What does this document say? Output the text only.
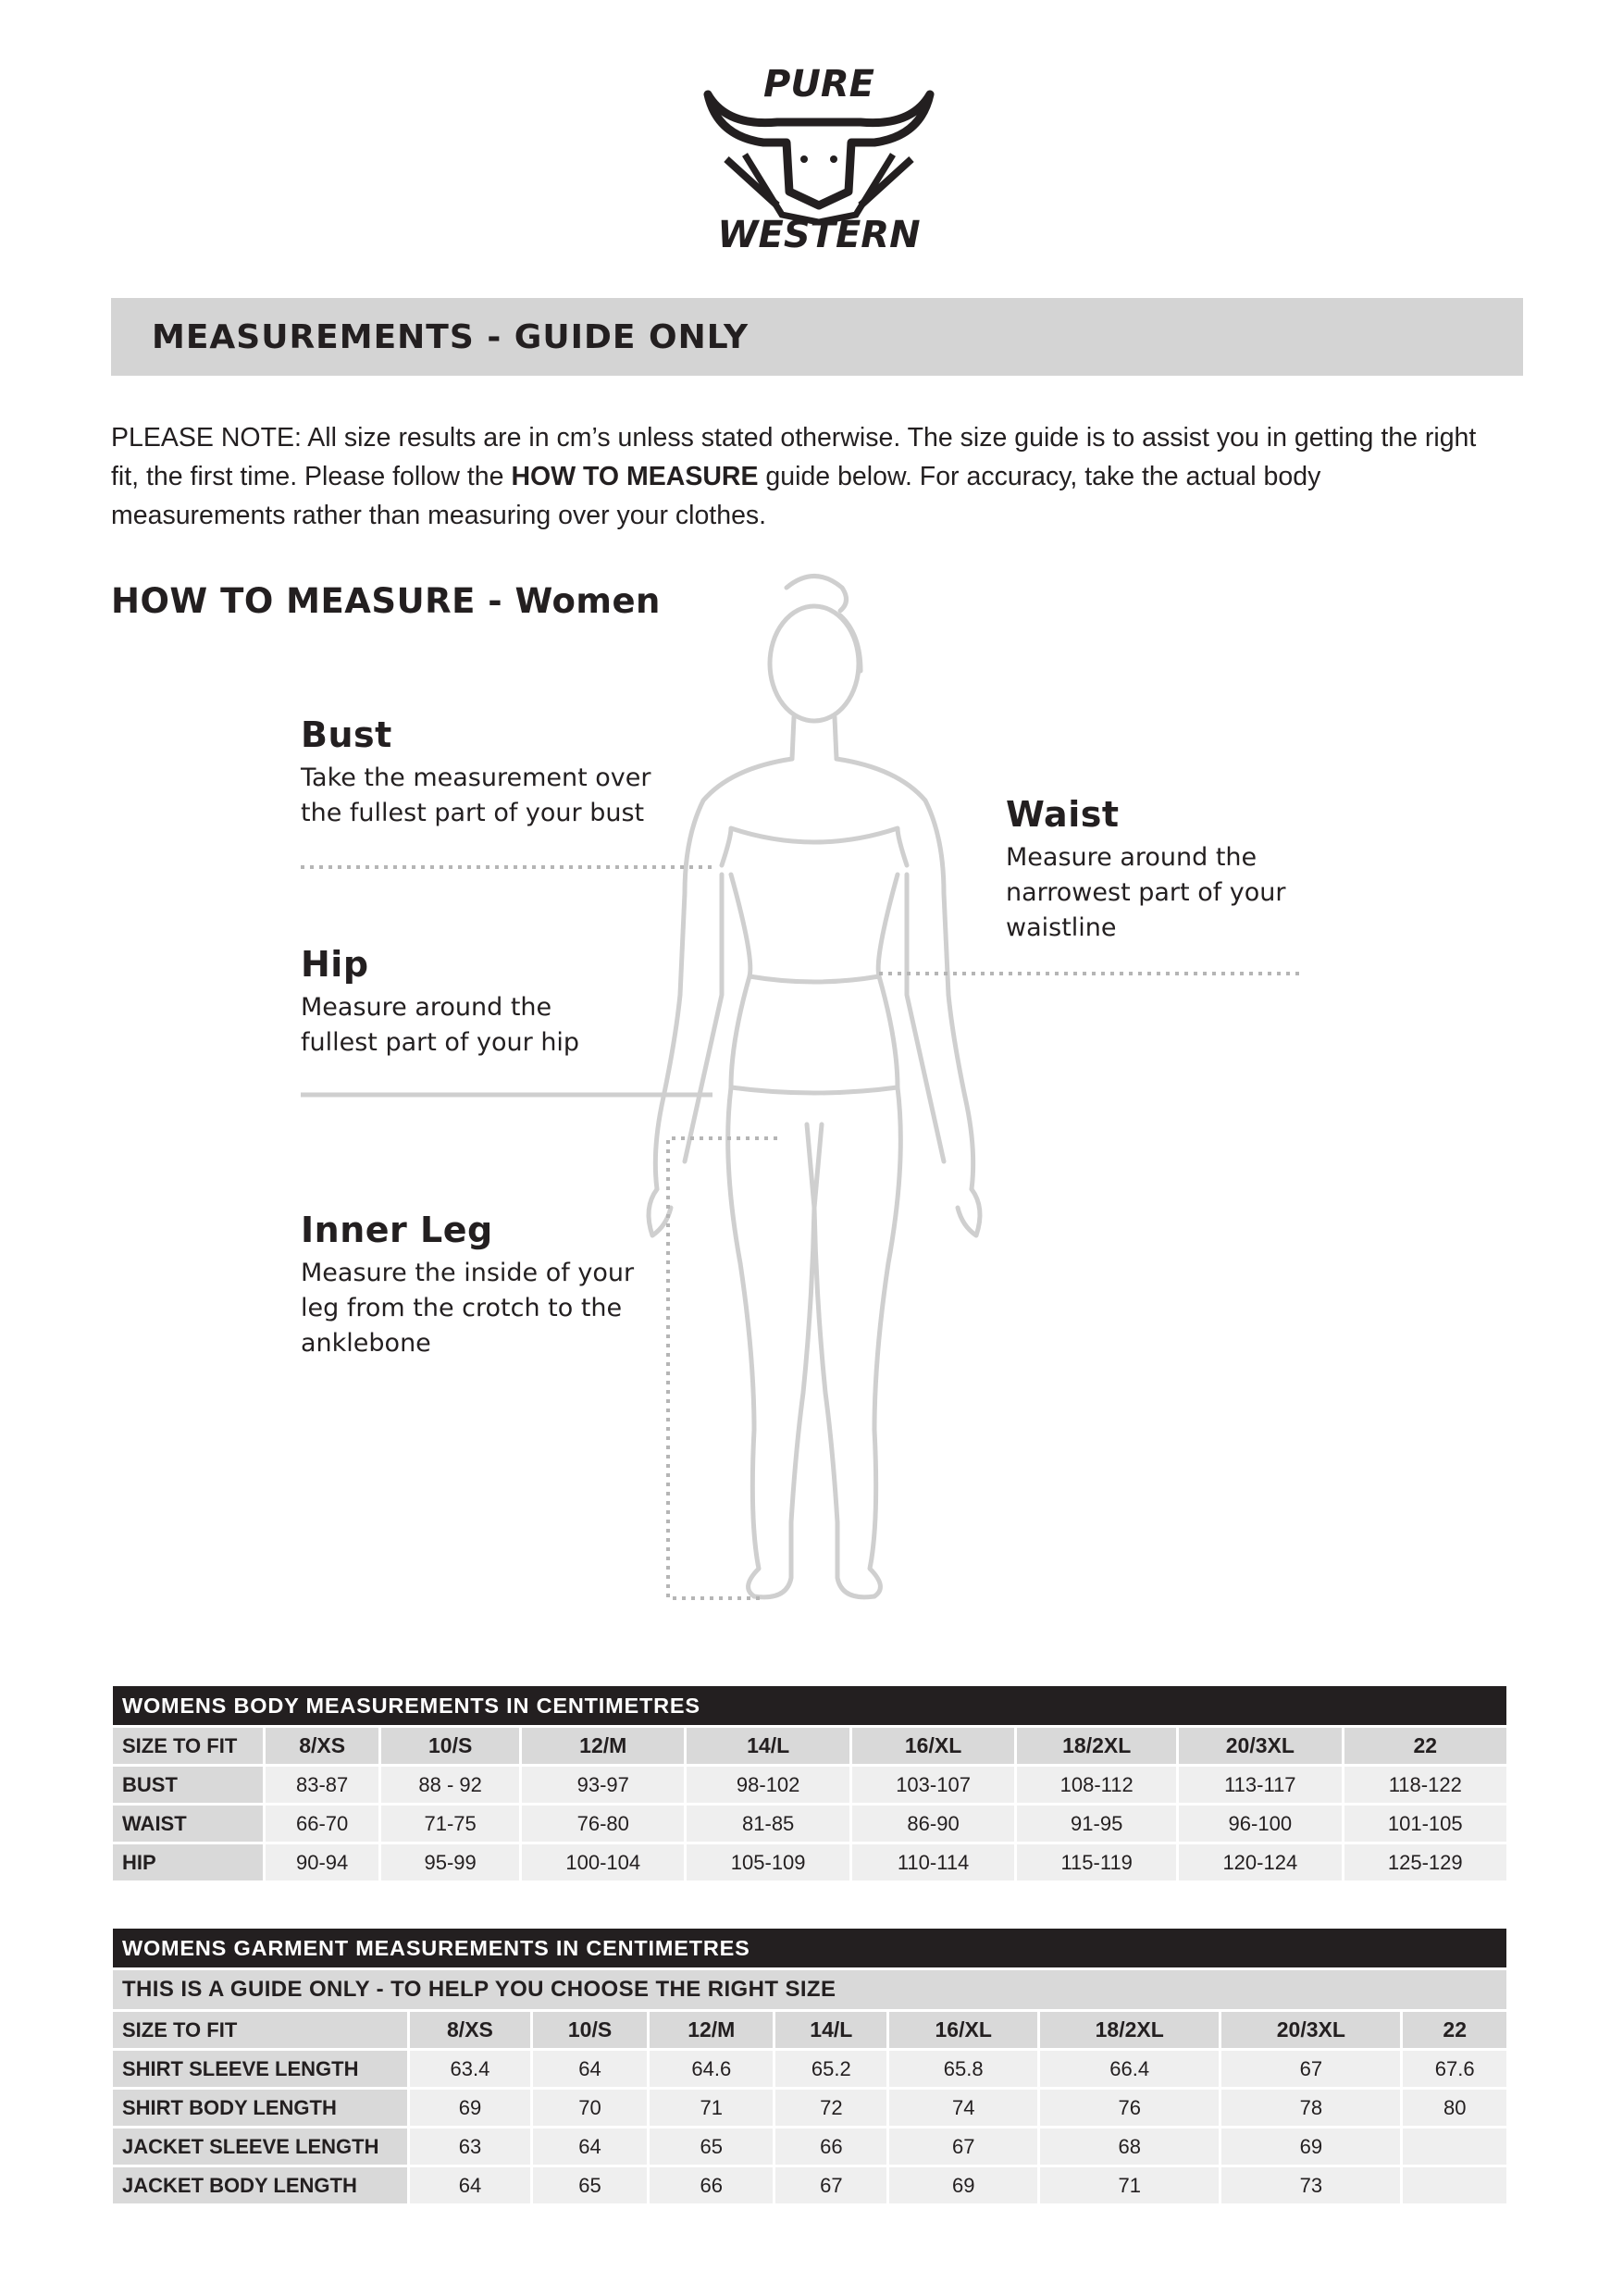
PURE
WESTERN
MEASUREMENTS - GUIDE ONLY
PLEASE NOTE: All size results are in cm’s unless stated otherwise. The size guide is to assist you in getting the right fit, the first time. Please follow the HOW TO MEASURE guide below. For accuracy, take the actual body measurements rather than measuring over your clothes.
HOW TO MEASURE - Women
Bust

Take the measurement over
the fullest part of your bust	Waist

Measure around the
narrowest part of your
waistline

Hip

Measure around the
fullest part of your hip

Inner Leg

Measure the inside of your
leg from the crotch to the
anklebone

WOMENS BODY MEASUREMENTS IN CENTIMETRES								
SIZE TO FIT	8/XS	10/S	12/M	14/L	16/XL	18/2XL	20/3XL	22
BUST	83-87	88 - 92	93-97	98-102	103-107	108-112	113-117	118-122
WAIST	66-70	71-75	76-80	81-85	86-90	91-95	96-100	101-105
HIP	90-94	95-99	100-104	105-109	110-114	115-119	120-124	125-129
WOMENS GARMENT MEASUREMENTS IN CENTIMETRES								
THIS IS A GUIDE ONLY - TO HELP YOU CHOOSE THE RIGHT SIZE								
SIZE TO FIT	8/XS	10/S	12/M	14/L	16/XL	18/2XL	20/3XL	22
SHIRT SLEEVE LENGTH	63.4	64	64.6	65.2	65.8	66.4	67	67.6
SHIRT BODY LENGTH	69	70	71	72	74	76	78	80
JACKET SLEEVE LENGTH	63	64	65	66	67	68	69	
JACKET BODY LENGTH	64	65	66	67	69	71	73	
